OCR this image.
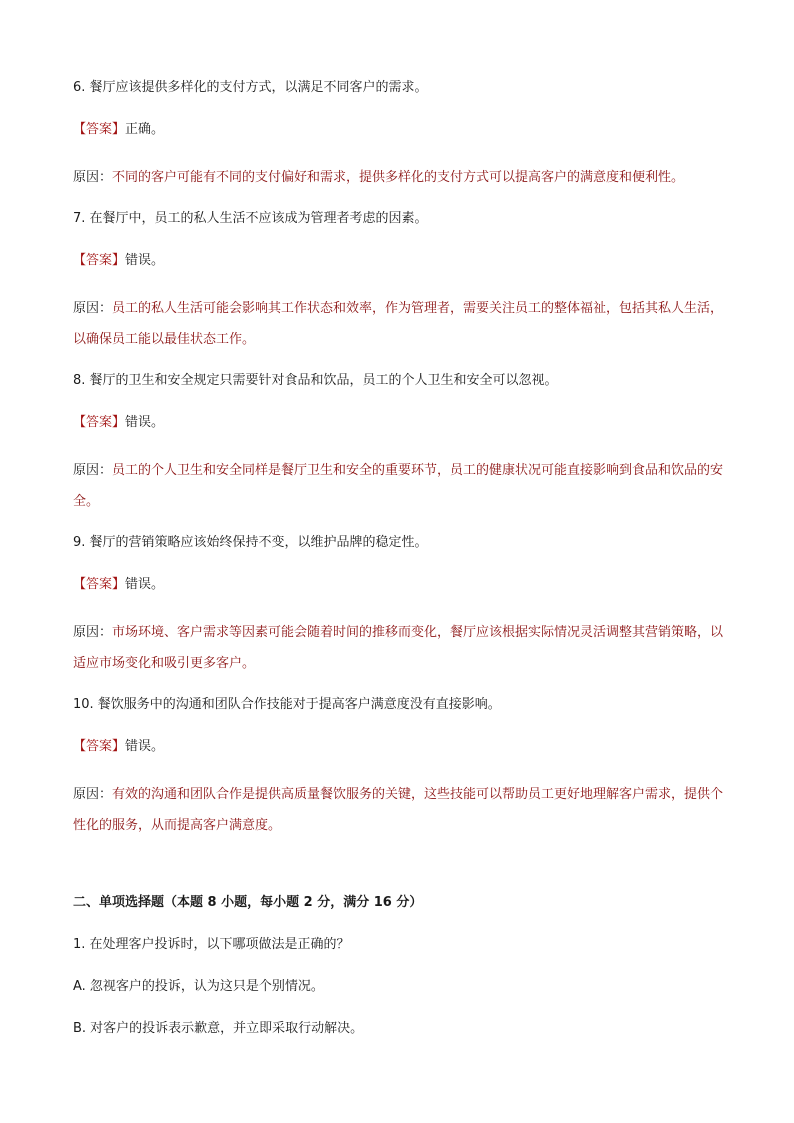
6. 餐厅应该提供多样化的支付方式，以满足不同客户的需求。
【答案】正确。
原因：不同的客户可能有不同的支付偏好和需求，提供多样化的支付方式可以提高客户的满意度和便利性。
7. 在餐厅中，员工的私人生活不应该成为管理者考虑的因素。
【答案】错误。
原因：员工的私人生活可能会影响其工作状态和效率，作为管理者，需要关注员工的整体福祉，包括其私人生活，以确保员工能以最佳状态工作。
8. 餐厅的卫生和安全规定只需要针对食品和饮品，员工的个人卫生和安全可以忽视。
【答案】错误。
原因：员工的个人卫生和安全同样是餐厅卫生和安全的重要环节，员工的健康状况可能直接影响到食品和饮品的安全。
9. 餐厅的营销策略应该始终保持不变，以维护品牌的稳定性。
【答案】错误。
原因：市场环境、客户需求等因素可能会随着时间的推移而变化，餐厅应该根据实际情况灵活调整其营销策略，以适应市场变化和吸引更多客户。
10. 餐饮服务中的沟通和团队合作技能对于提高客户满意度没有直接影响。
【答案】错误。
原因：有效的沟通和团队合作是提供高质量餐饮服务的关键，这些技能可以帮助员工更好地理解客户需求，提供个性化的服务，从而提高客户满意度。
二、单项选择题（本题 8 小题，每小题 2 分，满分 16 分）
1. 在处理客户投诉时，以下哪项做法是正确的？
A. 忽视客户的投诉，认为这只是个别情况。
B. 对客户的投诉表示歉意，并立即采取行动解决。
